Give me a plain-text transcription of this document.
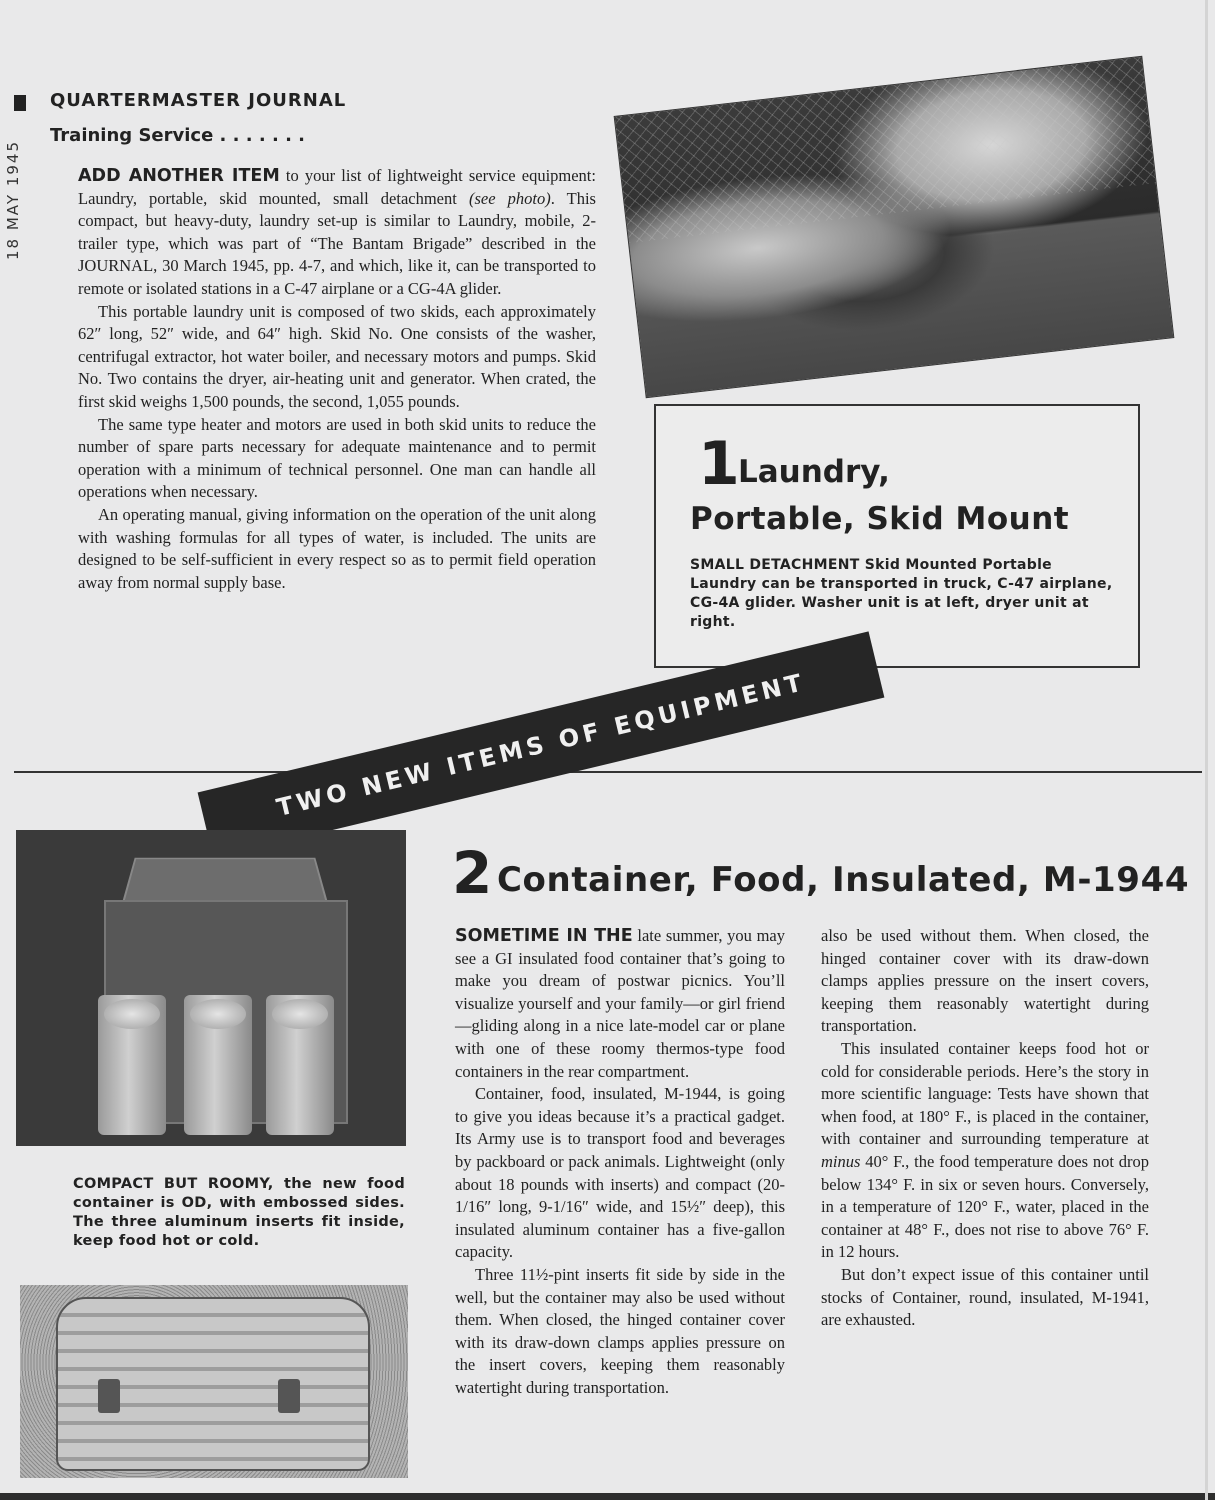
QUARTERMASTER JOURNAL
Training Service . . . . . . .
18 MAY 1945	ADD ANOTHER ITEM to your list of lightweight service equipment: Laundry, portable, skid mounted, small detachment (see photo). This compact, but heavy-duty, laundry set-up is similar to Laundry, mobile, 2-trailer type, which was part of “The Bantam Brigade” described in the JOURNAL, 30 March 1945, pp. 4-7, and which, like it, can be transported to remote or isolated stations in a C-47 airplane or a CG-4A glider.

This portable laundry unit is composed of two skids, each approximately 62″ long, 52″ wide, and 64″ high. Skid No. One consists of the washer, centrifugal extractor, hot water boiler, and necessary motors and pumps. Skid No. Two contains the dryer, air-heating unit and generator. When crated, the first skid weighs 1,500 pounds, the second, 1,055 pounds.

The same type heater and motors are used in both skid units to reduce the number of spare parts necessary for adequate maintenance and to permit operation with a minimum of technical personnel. One man can handle all operations when necessary.

An operating manual, giving information on the operation of the unit along with washing formulas for all types of water, is included. The units are designed to be self-sufficient in every respect so as to permit field operation away from normal supply base.

1
Laundry,
Portable, Skid Mount
SMALL DETACHMENT Skid Mounted Portable Laundry can be transported in truck, C-47 airplane, CG-4A glider. Washer unit is at left, dryer unit at right.
TWO NEW ITEMS OF EQUIPMENT
COMPACT BUT ROOMY, the new food container is OD, with embossed sides. The three aluminum inserts fit inside, keep food hot or cold.
2 Container, Food, Insulated, M-1944

SOMETIME IN THE late summer, you may see a GI insulated food container that’s going to make you dream of postwar picnics. You’ll visualize yourself and your family—or girl friend—gliding along in a nice late-model car or plane with one of these roomy thermos-type food containers in the rear compartment.

Container, food, insulated, M-1944, is going to give you ideas because it’s a practical gadget. Its Army use is to transport food and beverages by packboard or pack animals. Lightweight (only about 18 pounds with inserts) and compact (20-1/16″ long, 9-1/16″ wide, and 15½″ deep), this insulated aluminum container has a five-gallon capacity.

Three 11½-pint inserts fit side by side in the well, but the container may also be used without them. When closed, the hinged container cover with its draw-down clamps applies pressure on the insert covers, keeping them reasonably watertight during transportation.

also be used without them. When closed, the hinged container cover with its draw-down clamps applies pressure on the insert covers, keeping them reasonably watertight during transportation.

This insulated container keeps food hot or cold for considerable periods. Here’s the story in more scientific language: Tests have shown that when food, at 180° F., is placed in the container, with container and surrounding temperature at minus 40° F., the food temperature does not drop below 134° F. in six or seven hours. Conversely, in a temperature of 120° F., water, placed in the container at 48° F., does not rise to above 76° F. in 12 hours.

But don’t expect issue of this container until stocks of Container, round, insulated, M-1941, are exhausted.
